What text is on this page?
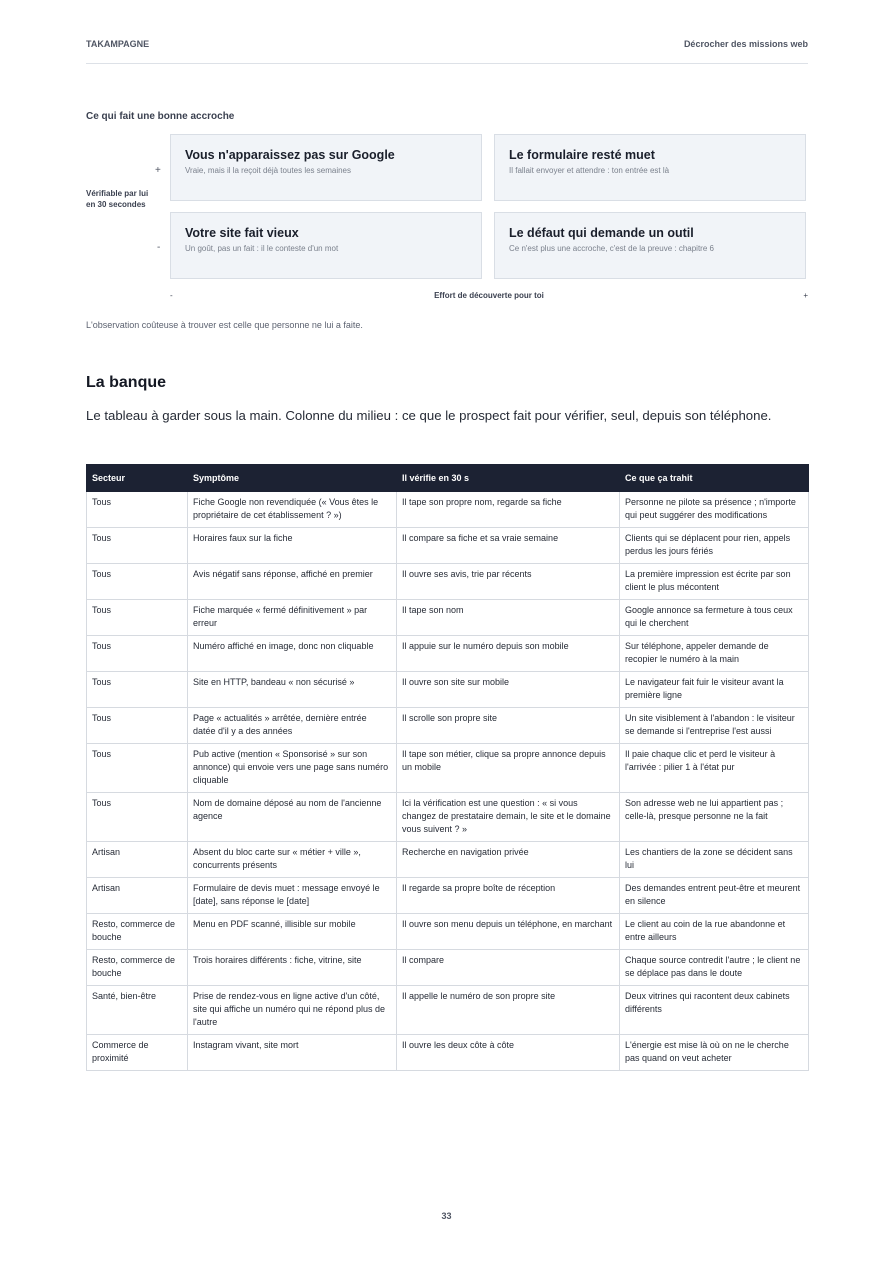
TAKAMPAGNE	Décrocher des missions web
Ce qui fait une bonne accroche
+
Vérifiable par lui en 30 secondes
-
Vous n'apparaissez pas sur Google
Vraie, mais il la reçoit déjà toutes les semaines
Le formulaire resté muet
Il fallait envoyer et attendre : ton entrée est là
Votre site fait vieux
Un goût, pas un fait : il le conteste d'un mot
Le défaut qui demande un outil
Ce n'est plus une accroche, c'est de la preuve : chapitre 6
-	Effort de découverte pour toi	+
L'observation coûteuse à trouver est celle que personne ne lui a faite.
La banque
Le tableau à garder sous la main. Colonne du milieu : ce que le prospect fait pour vérifier, seul, depuis son téléphone.
Secteur	Symptôme	Il vérifie en 30 s	Ce que ça trahit
Tous	Fiche Google non revendiquée (« Vous êtes le propriétaire de cet établissement ? »)	Il tape son propre nom, regarde sa fiche	Personne ne pilote sa présence ; n'importe qui peut suggérer des modifications
Tous	Horaires faux sur la fiche	Il compare sa fiche et sa vraie semaine	Clients qui se déplacent pour rien, appels perdus les jours fériés
Tous	Avis négatif sans réponse, affiché en premier	Il ouvre ses avis, trie par récents	La première impression est écrite par son client le plus mécontent
Tous	Fiche marquée « fermé définitivement » par erreur	Il tape son nom	Google annonce sa fermeture à tous ceux qui le cherchent
Tous	Numéro affiché en image, donc non cliquable	Il appuie sur le numéro depuis son mobile	Sur téléphone, appeler demande de recopier le numéro à la main
Tous	Site en HTTP, bandeau « non sécurisé »	Il ouvre son site sur mobile	Le navigateur fait fuir le visiteur avant la première ligne
Tous	Page « actualités » arrêtée, dernière entrée datée d'il y a des années	Il scrolle son propre site	Un site visiblement à l'abandon : le visiteur se demande si l'entreprise l'est aussi
Tous	Pub active (mention « Sponsorisé » sur son annonce) qui envoie vers une page sans numéro cliquable	Il tape son métier, clique sa propre annonce depuis un mobile	Il paie chaque clic et perd le visiteur à l'arrivée : pilier 1 à l'état pur
Tous	Nom de domaine déposé au nom de l'ancienne agence	Ici la vérification est une question : « si vous changez de prestataire demain, le site et le domaine vous suivent ? »	Son adresse web ne lui appartient pas ; celle-là, presque personne ne la fait
Artisan	Absent du bloc carte sur « métier + ville », concurrents présents	Recherche en navigation privée	Les chantiers de la zone se décident sans lui
Artisan	Formulaire de devis muet : message envoyé le [date], sans réponse le [date]	Il regarde sa propre boîte de réception	Des demandes entrent peut-être et meurent en silence
Resto, commerce de bouche	Menu en PDF scanné, illisible sur mobile	Il ouvre son menu depuis un téléphone, en marchant	Le client au coin de la rue abandonne et entre ailleurs
Resto, commerce de bouche	Trois horaires différents : fiche, vitrine, site	Il compare	Chaque source contredit l'autre ; le client ne se déplace pas dans le doute
Santé, bien-être	Prise de rendez-vous en ligne active d'un côté, site qui affiche un numéro qui ne répond plus de l'autre	Il appelle le numéro de son propre site	Deux vitrines qui racontent deux cabinets différents
Commerce de proximité	Instagram vivant, site mort	Il ouvre les deux côte à côte	L'énergie est mise là où on ne le cherche pas quand on veut acheter
33
